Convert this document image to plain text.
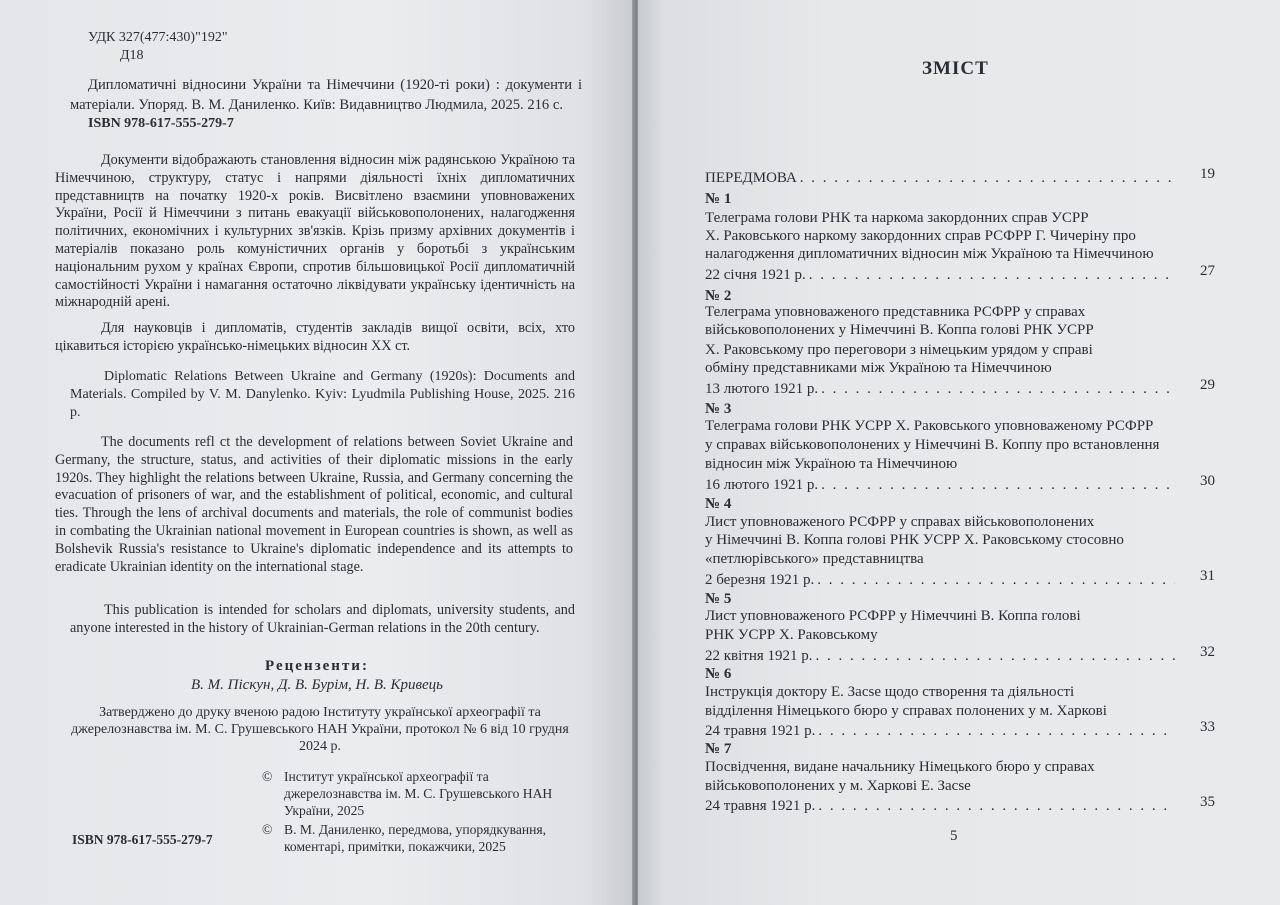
УДК 327(477:430)"192"
Д18
Дипломатичні відносини України та Німеччини (1920-ті роки) : документи і матеріали. Упоряд. В. М. Даниленко. Київ: Видавництво Людмила, 2025. 216 с.
ISBN 978-617-555-279-7
Документи відображають становлення відносин між радянською Україною та Німеччиною, структуру, статус і напрями діяльності їхніх дипломатичних представництв на початку 1920-х років. Висвітлено взаємини уповноважених України, Росії й Німеччини з питань евакуації військовополонених, налагодження політичних, економічних і культурних зв'язків. Крізь призму архівних документів і матеріалів показано роль комуністичних органів у боротьбі з українським національним рухом у країнах Європи, спротив більшовицької Росії дипломатичній самостійності України і намагання остаточно ліквідувати українську ідентичність на міжнародній арені.
Для науковців і дипломатів, студентів закладів вищої освіти, всіх, хто цікавиться історією українсько-німецьких відносин ХХ ст.
Diplomatic Relations Between Ukraine and Germany (1920s): Documents and Materials. Compiled by V. M. Danylenko. Kyiv: Lyudmila Publishing House, 2025. 216 p.
The documents refl ct the development of relations between Soviet Ukraine and Germany, the structure, status, and activities of their diplomatic missions in the early 1920s. They highlight the relations between Ukraine, Russia, and Germany concerning the evacuation of prisoners of war, and the establishment of political, economic, and cultural ties. Through the lens of archival documents and materials, the role of communist bodies in combating the Ukrainian national movement in European countries is shown, as well as Bolshevik Russia's resistance to Ukraine's diplomatic independence and its attempts to eradicate Ukrainian identity on the international stage.
This publication is intended for scholars and diplomats, university students, and anyone interested in the history of Ukrainian-German relations in the 20th century.
Рецензенти:
В. М. Піскун, Д. В. Бурім, Н. В. Кривець
Затверджено до друку вченою радою Інституту української археографії та джерелознавства ім. М. С. Грушевського НАН України, протокол № 6 від 10 грудня 2024 р.
© Інститут української археографії та джерелознавства ім. М. С. Грушевського НАН України, 2025
© В. М. Даниленко, передмова, упорядкування, коментарі, примітки, покажчики, 2025
ISBN 978-617-555-279-7
ЗМІСТ
ПЕРЕДМОВА . . .	19
№ 1
Телеграма голови РНК та наркома закордонних справ УСРР
Х. Раковського наркому закордонних справ РСФРР Г. Чичеріну про
налагодження дипломатичних відносин між Україною та Німеччиною
22 січня 1921 р. . . .	27
№ 2
Телеграма уповноваженого представника РСФРР у справах
військовополонених у Німеччині В. Коппа голові РНК УСРР
Х. Раковському про переговори з німецьким урядом у справі
обміну представниками між Україною та Німеччиною
13 лютого 1921 р. . . .	29
№ 3
Телеграма голови РНК УСРР Х. Раковського уповноваженому РСФРР
у справах військовополонених у Німеччині В. Коппу про встановлення
відносин між Україною та Німеччиною
16 лютого 1921 р. . . .	30
№ 4
Лист уповноваженого РСФРР у справах військовополонених
у Німеччині В. Коппа голові РНК УСРР Х. Раковському стосовно
«петлюрівського» представництва
2 березня 1921 р. . . .	31
№ 5
Лист уповноваженого РСФРР у Німеччині В. Коппа голові
РНК УСРР Х. Раковському
22 квітня 1921 р. . . .	32
№ 6
Інструкція доктору Е. Засse щодо створення та діяльності
відділення Німецького бюро у справах полонених у м. Харкові
24 травня 1921 р. . . .	33
№ 7
Посвідчення, видане начальнику Німецького бюро у справах
військовополонених у м. Харкові Е. Засse
24 травня 1921 р. . . .	35
5
